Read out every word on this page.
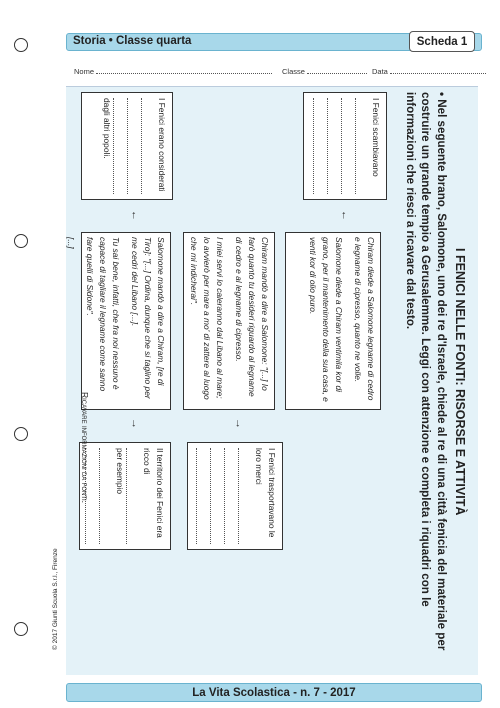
Storia • Classe quarta	Scheda 1
Nome	Classe	Data
© 2017 Giunti Scuola S.r.l., Firenze
I FENICI NELLE FONTI: RISORSE E ATTIVITÀ
• Nel seguente brano, Salomone, uno dei re d'Israele, chiede al re di una città fenicia del materiale per costruire un grande tempio a Gerusalemme. Leggi con attenzione e completa i riquadri con le informazioni che riesci a ricavare dal testo.
I Fenici erano considerati
dagli altri popoli.	I Fenici scambiavano

Salomone mandò a dire a Chiram, [re di Tiro]: "[...] Ordina, dunque che si taglino per me cedri del Libano [...].

Tu sai bene, infatti, che fra noi nessuno è capace di tagliare il legname come sanno fare quelli di Sidone".

[...]	Chiram mandò a dire a Salomone: "[...] Io farò quanto tu desideri riguardo al legname di cedro e al legname di cipresso.

I miei servi lo caleranno dal Libano al mare; lo avvierò per mare a mo' di zattere al luogo che mi indicherai".	Chiram diede a Salomone legname di cedro e legname di cipresso, quanto ne volle.

Salomone diede a Chiram ventimila kor di grano, per il mantenimento della sua casa, e venti kor di olio puro.

Il territorio dei Fenici era ricco di
per esempio	I Fenici trasportavano le loro merci
→	→
←	←
Ricavare informazioni da fonti.
La Vita Scolastica - n. 7 - 2017
